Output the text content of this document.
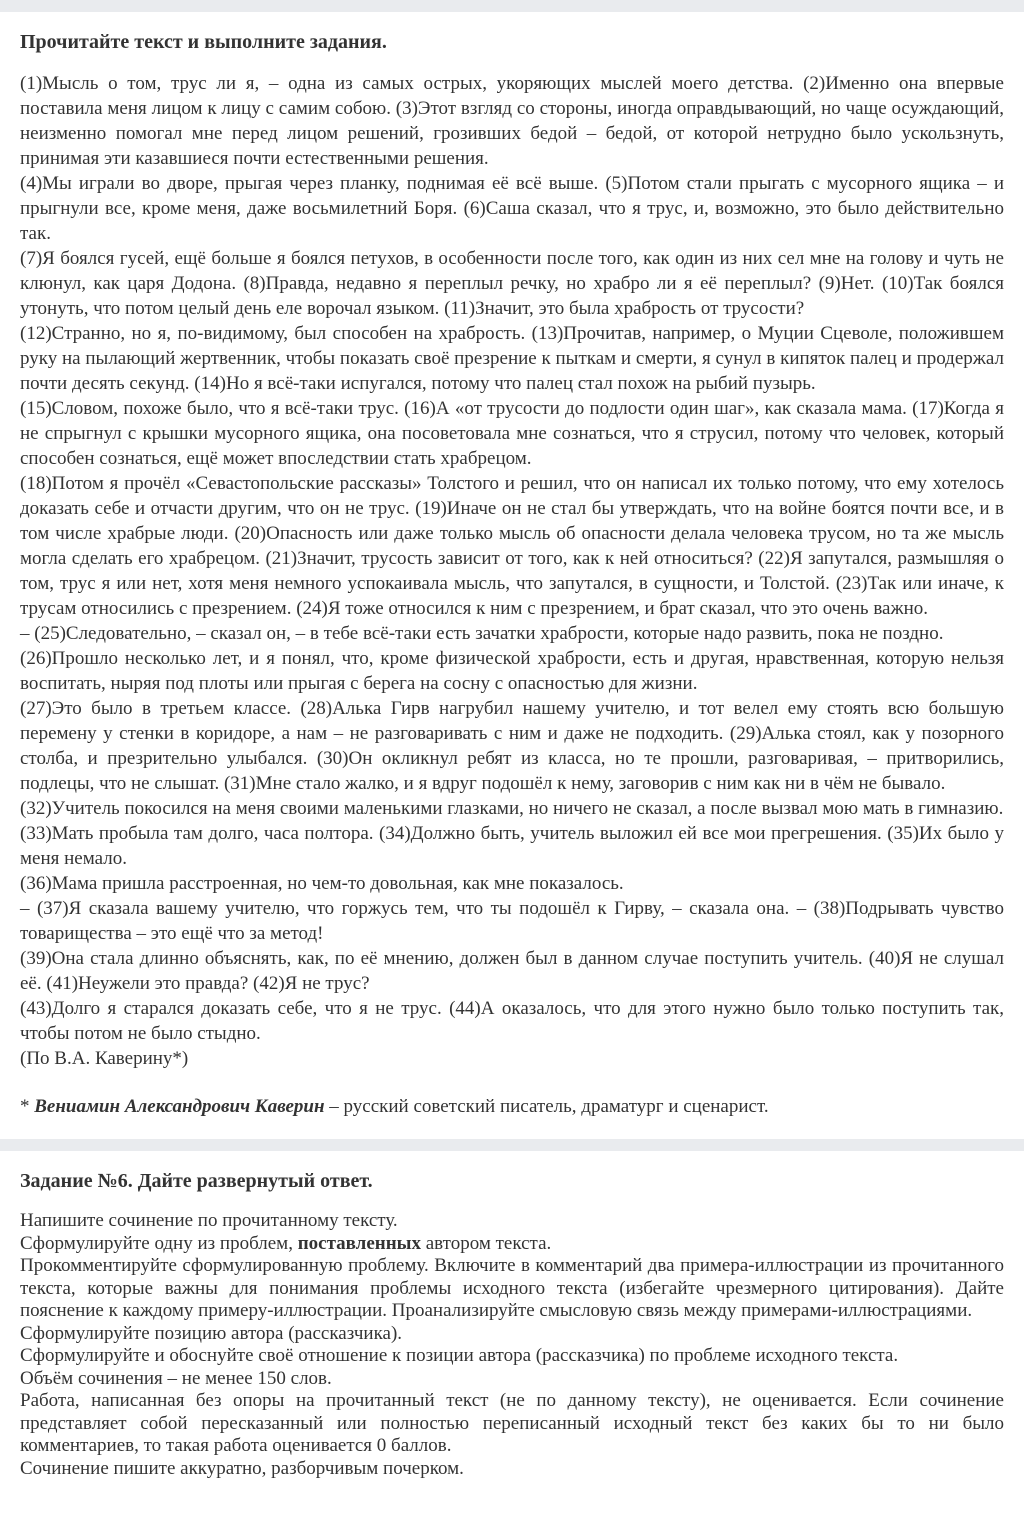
Прочитайте текст и выполните задания.

(1)Мысль о том, трус ли я, – одна из самых острых, укоряющих мыслей моего детства. (2)Именно она впервые поставила меня лицом к лицу с самим собою. (3)Этот взгляд со стороны, иногда оправдывающий, но чаще осуждающий, неизменно помогал мне перед лицом решений, грозивших бедой – бедой, от которой нетрудно было ускользнуть, принимая эти казавшиеся почти естественными решения.

(4)Мы играли во дворе, прыгая через планку, поднимая её всё выше. (5)Потом стали прыгать с мусорного ящика – и прыгнули все, кроме меня, даже восьмилетний Боря. (6)Саша сказал, что я трус, и, возможно, это было действительно так.

(7)Я боялся гусей, ещё больше я боялся петухов, в особенности после того, как один из них сел мне на голову и чуть не клюнул, как царя Додона. (8)Правда, недавно я переплыл речку, но храбро ли я её переплыл? (9)Нет. (10)Так боялся утонуть, что потом целый день еле ворочал языком. (11)Значит, это была храбрость от трусости?

(12)Странно, но я, по-видимому, был способен на храбрость. (13)Прочитав, например, о Муции Сцеволе, положившем руку на пылающий жертвенник, чтобы показать своё презрение к пыткам и смерти, я сунул в кипяток палец и продержал почти десять секунд. (14)Но я всё-таки испугался, потому что палец стал похож на рыбий пузырь.

(15)Словом, похоже было, что я всё-таки трус. (16)А «от трусости до подлости один шаг», как сказала мама. (17)Когда я не спрыгнул с крышки мусорного ящика, она посоветовала мне сознаться, что я струсил, потому что человек, который способен сознаться, ещё может впоследствии стать храбрецом.

(18)Потом я прочёл «Севастопольские рассказы» Толстого и решил, что он написал их только потому, что ему хотелось доказать себе и отчасти другим, что он не трус. (19)Иначе он не стал бы утверждать, что на войне боятся почти все, и в том числе храбрые люди. (20)Опасность или даже только мысль об опасности делала человека трусом, но та же мысль могла сделать его храбрецом. (21)Значит, трусость зависит от того, как к ней относиться? (22)Я запутался, размышляя о том, трус я или нет, хотя меня немного успокаивала мысль, что запутался, в сущности, и Толстой. (23)Так или иначе, к трусам относились с презрением. (24)Я тоже относился к ним с презрением, и брат сказал, что это очень важно.

– (25)Следовательно, – сказал он, – в тебе всё-таки есть зачатки храбрости, которые надо развить, пока не поздно.

(26)Прошло несколько лет, и я понял, что, кроме физической храбрости, есть и другая, нравственная, которую нельзя воспитать, ныряя под плоты или прыгая с берега на сосну с опасностью для жизни.

(27)Это было в третьем классе. (28)Алька Гирв нагрубил нашему учителю, и тот велел ему стоять всю большую перемену у стенки в коридоре, а нам – не разговаривать с ним и даже не подходить. (29)Алька стоял, как у позорного столба, и презрительно улыбался. (30)Он окликнул ребят из класса, но те прошли, разговаривая, – притворились, подлецы, что не слышат. (31)Мне стало жалко, и я вдруг подошёл к нему, заговорив с ним как ни в чём не бывало.

(32)Учитель покосился на меня своими маленькими глазками, но ничего не сказал, а после вызвал мою мать в гимназию.

(33)Мать пробыла там долго, часа полтора. (34)Должно быть, учитель выложил ей все мои прегрешения. (35)Их было у меня немало.

(36)Мама пришла расстроенная, но чем-то довольная, как мне показалось.

– (37)Я сказала вашему учителю, что горжусь тем, что ты подошёл к Гирву, – сказала она. – (38)Подрывать чувство товарищества – это ещё что за метод!

(39)Она стала длинно объяснять, как, по её мнению, должен был в данном случае поступить учитель. (40)Я не слушал её. (41)Неужели это правда? (42)Я не трус?

(43)Долго я старался доказать себе, что я не трус. (44)А оказалось, что для этого нужно было только поступить так, чтобы потом не было стыдно.

(По В.А. Каверину*)

* Вениамин Александрович Каверин – русский советский писатель, драматург и сценарист.

Задание №6. Дайте развернутый ответ.

Напишите сочинение по прочитанному тексту.

Сформулируйте одну из проблем, поставленных автором текста.

Прокомментируйте сформулированную проблему. Включите в комментарий два примера-иллюстрации из прочитанного текста, которые важны для понимания проблемы исходного текста (избегайте чрезмерного цитирования). Дайте пояснение к каждому примеру-иллюстрации. Проанализируйте смысловую связь между примерами-иллюстрациями.

Сформулируйте позицию автора (рассказчика).

Сформулируйте и обоснуйте своё отношение к позиции автора (рассказчика) по проблеме исходного текста.

Объём сочинения – не менее 150 слов.

Работа, написанная без опоры на прочитанный текст (не по данному тексту), не оценивается. Если сочинение представляет собой пересказанный или полностью переписанный исходный текст без каких бы то ни было комментариев, то такая работа оценивается 0 баллов.

Сочинение пишите аккуратно, разборчивым почерком.
